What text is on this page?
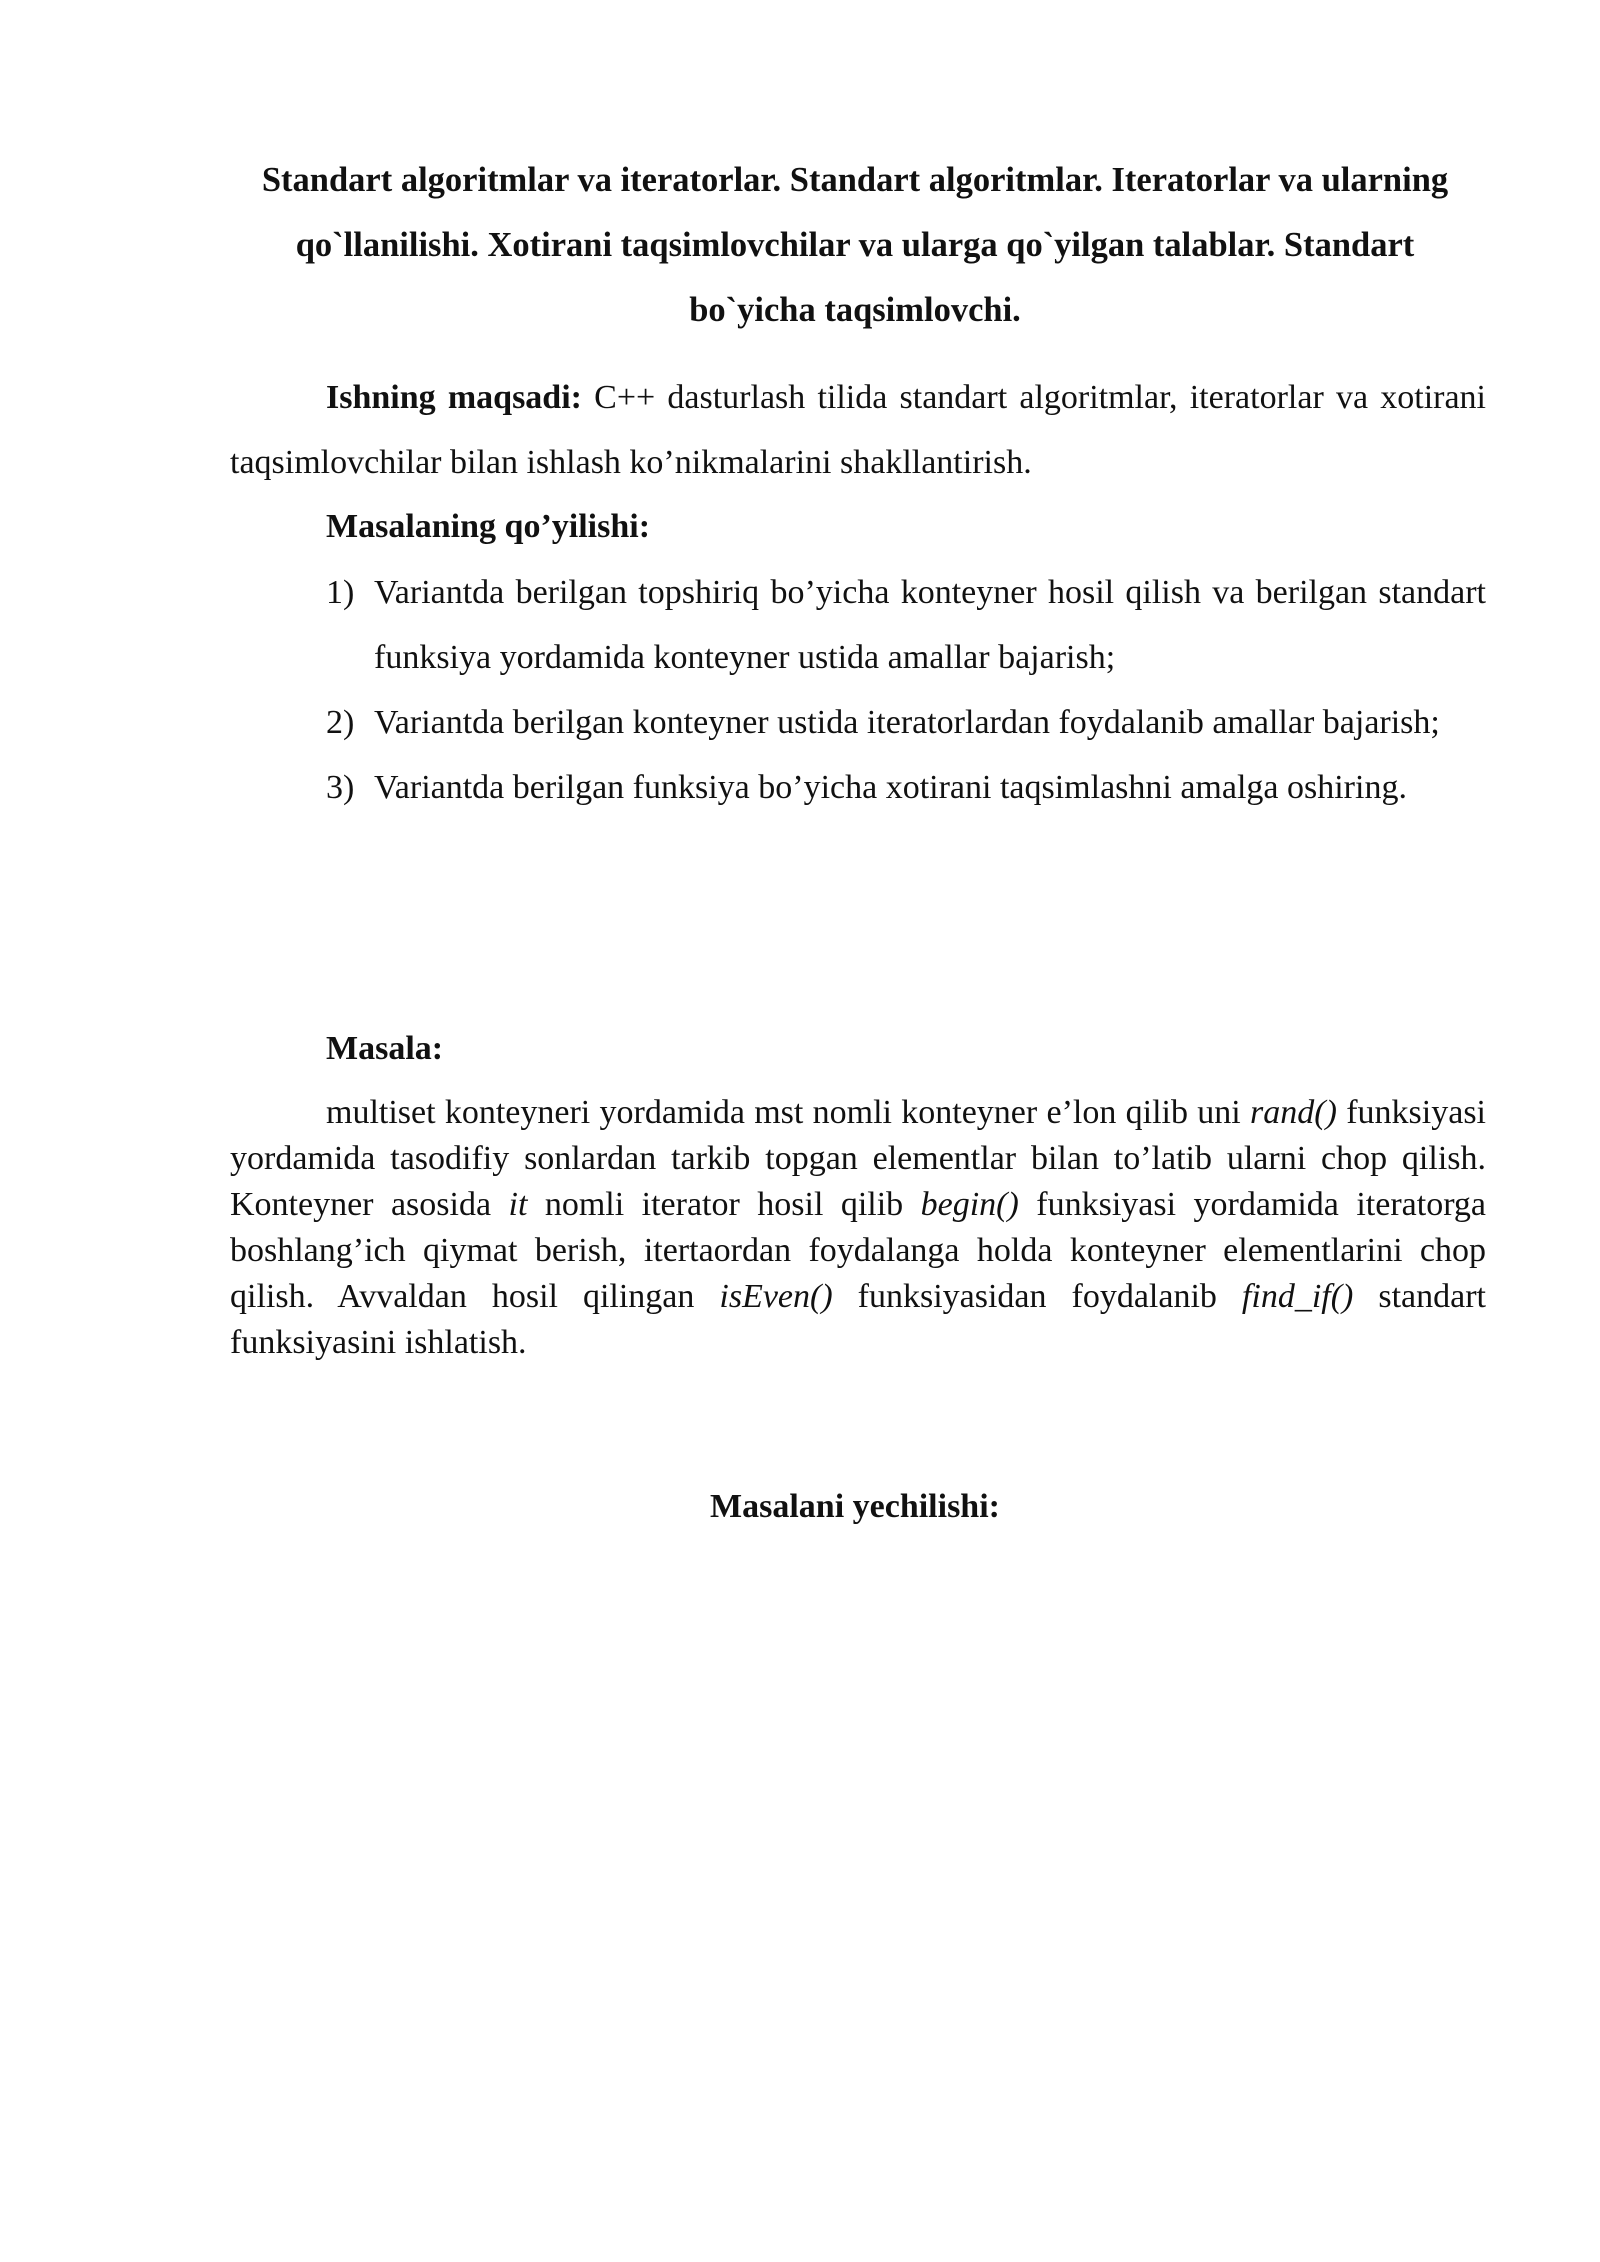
Standart algoritmlar va iteratorlar. Standart algoritmlar. Iteratorlar va ularning qo`llanilishi. Xotirani taqsimlovchilar va ularga qo`yilgan talablar. Standart bo`yicha taqsimlovchi.

Ishning maqsadi: C++ dasturlash tilida standart algoritmlar, iteratorlar va xotirani taqsimlovchilar bilan ishlash ko’nikmalarini shakllantirish.

Masalaning qo’yilishi:
1) Variantda berilgan topshiriq bo’yicha konteyner hosil qilish va berilgan standart funksiya yordamida konteyner ustida amallar bajarish;
2) Variantda berilgan konteyner ustida iteratorlardan foydalanib amallar bajarish;
3) Variantda berilgan funksiya bo’yicha xotirani taqsimlashni amalga oshiring.
Masala:

multiset konteyneri yordamida mst nomli konteyner e’lon qilib uni rand() funksiyasi yordamida tasodifiy sonlardan tarkib topgan elementlar bilan to’latib ularni chop qilish. Konteyner asosida it nomli iterator hosil qilib begin() funksiyasi yordamida iteratorga boshlang’ich qiymat berish, itertaordan foydalanga holda konteyner elementlarini chop qilish. Avvaldan hosil qilingan isEven() funksiyasidan foydalanib find_if() standart funksiyasini ishlatish.

Masalani yechilishi:
